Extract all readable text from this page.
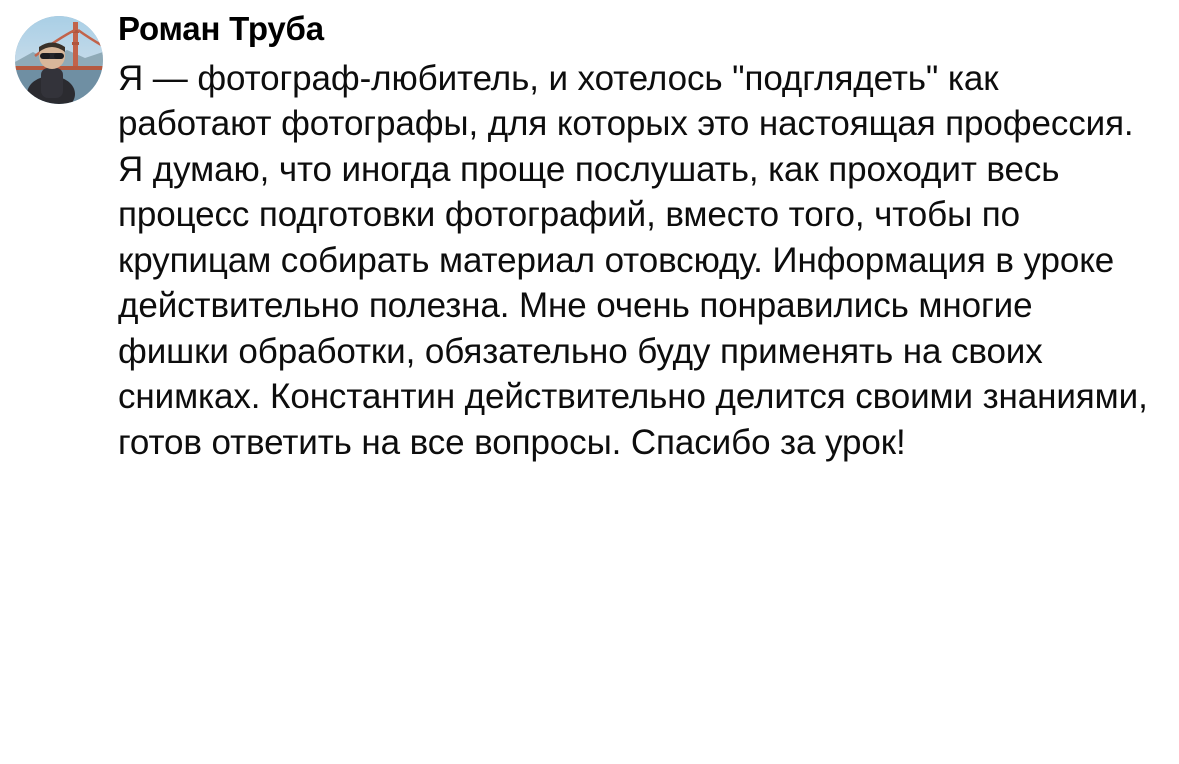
Роман Труба
Я — фотограф-любитель, и хотелось "подглядеть" как работают фотографы, для которых это настоящая профессия. Я думаю, что иногда проще послушать, как проходит весь процесс подготовки фотографий, вместо того, чтобы по крупицам собирать материал отовсюду. Информация в уроке действительно полезна. Мне очень понравились многие фишки обработки, обязательно буду применять на своих снимках. Константин действительно делится своими знаниями, готов ответить на все вопросы. Спасибо за урок!
